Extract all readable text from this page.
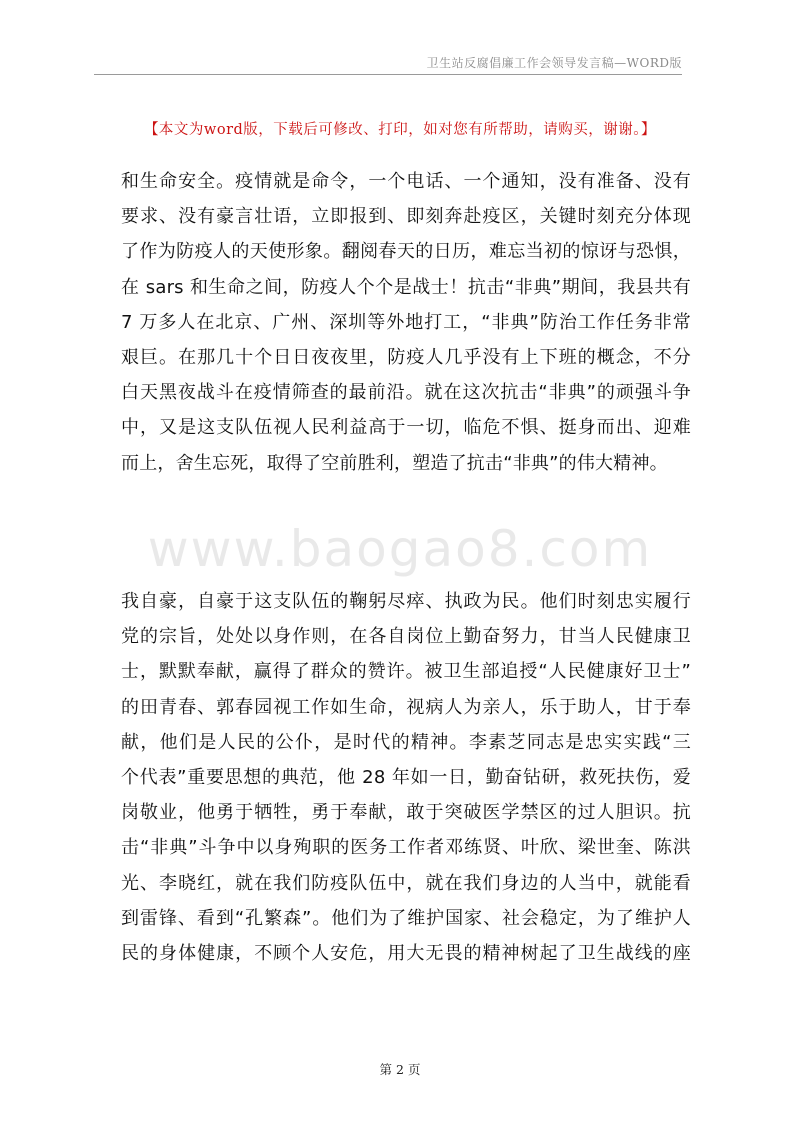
卫生站反腐倡廉工作会领导发言稿—WORD版
【本文为word版，下载后可修改、打印，如对您有所帮助，请购买，谢谢。】
www.baogao8.com
和生命安全。疫情就是命令，一个电话、一个通知，没有准备、没有
要求、没有豪言壮语，立即报到、即刻奔赴疫区，关键时刻充分体现
了作为防疫人的天使形象。翻阅春天的日历，难忘当初的惊讶与恐惧，
在 sars 和生命之间，防疫人个个是战士！抗击“非典”期间，我县共有
7 万多人在北京、广州、深圳等外地打工，“非典”防治工作任务非常
艰巨。在那几十个日日夜夜里，防疫人几乎没有上下班的概念，不分
白天黑夜战斗在疫情筛查的最前沿。就在这次抗击“非典”的顽强斗争
中，又是这支队伍视人民利益高于一切，临危不惧、挺身而出、迎难
而上，舍生忘死，取得了空前胜利，塑造了抗击“非典”的伟大精神。
我自豪，自豪于这支队伍的鞠躬尽瘁、执政为民。他们时刻忠实履行
党的宗旨，处处以身作则，在各自岗位上勤奋努力，甘当人民健康卫
士，默默奉献，赢得了群众的赞许。被卫生部追授“人民健康好卫士”
的田青春、郭春园视工作如生命，视病人为亲人，乐于助人，甘于奉
献，他们是人民的公仆，是时代的精神。李素芝同志是忠实实践“三
个代表”重要思想的典范，他 28 年如一日，勤奋钻研，救死扶伤，爱
岗敬业，他勇于牺牲，勇于奉献，敢于突破医学禁区的过人胆识。抗
击“非典”斗争中以身殉职的医务工作者邓练贤、叶欣、梁世奎、陈洪
光、李晓红，就在我们防疫队伍中，就在我们身边的人当中，就能看
到雷锋、看到“孔繁森”。他们为了维护国家、社会稳定，为了维护人
民的身体健康，不顾个人安危，用大无畏的精神树起了卫生战线的座
第 2 页
